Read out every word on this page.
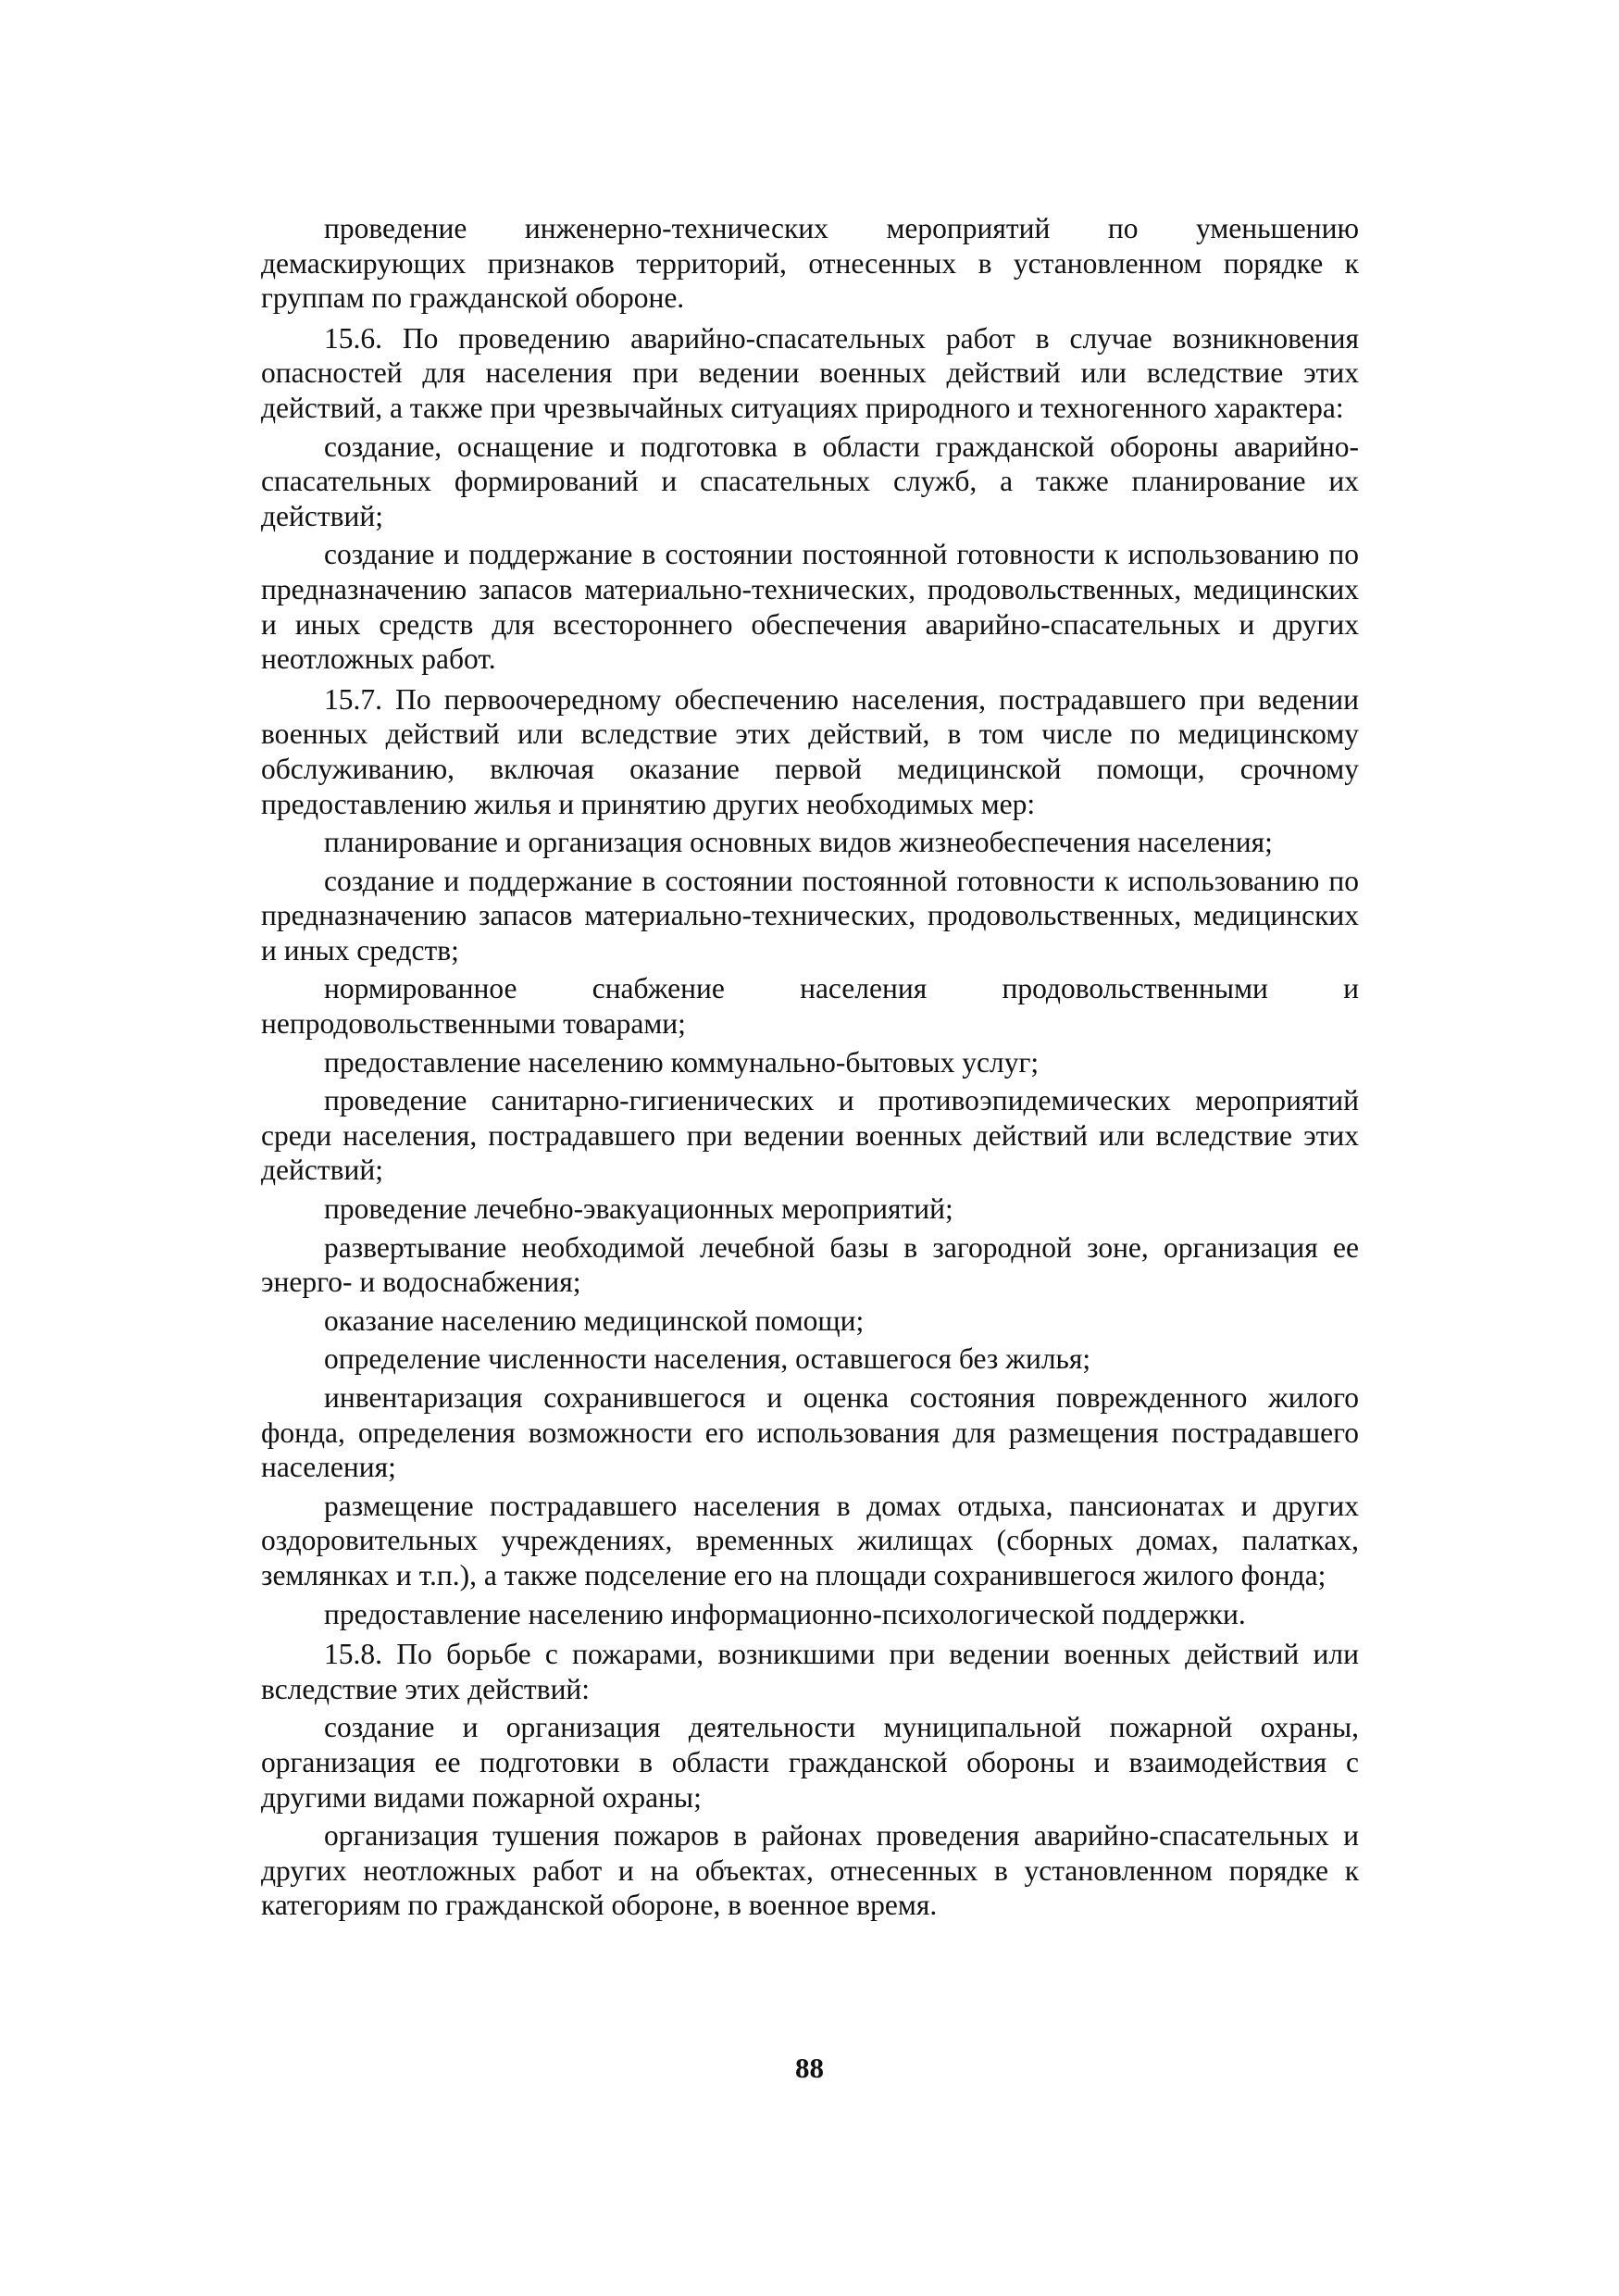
проведение инженерно-технических мероприятий по уменьшению демаскирующих признаков территорий, отнесенных в установленном порядке к группам по гражданской обороне.

15.6. По проведению аварийно-спасательных работ в случае возникновения опасностей для населения при ведении военных действий или вследствие этих действий, а также при чрезвычайных ситуациях природного и техногенного характера:

создание, оснащение и подготовка в области гражданской обороны аварийно-спасательных формирований и спасательных служб, а также планирование их действий;

создание и поддержание в состоянии постоянной готовности к использованию по предназначению запасов материально-технических, продовольственных, медицинских и иных средств для всестороннего обеспечения аварийно-спасательных и других неотложных работ.

15.7. По первоочередному обеспечению населения, пострадавшего при ведении военных действий или вследствие этих действий, в том числе по медицинскому обслуживанию, включая оказание первой медицинской помощи, срочному предоставлению жилья и принятию других необходимых мер:

планирование и организация основных видов жизнеобеспечения населения;

создание и поддержание в состоянии постоянной готовности к использованию по предназначению запасов материально-технических, продовольственных, медицинских и иных средств;

нормированное снабжение населения продовольственными и непродовольственными товарами;

предоставление населению коммунально-бытовых услуг;

проведение санитарно-гигиенических и противоэпидемических мероприятий среди населения, пострадавшего при ведении военных действий или вследствие этих действий;

проведение лечебно-эвакуационных мероприятий;

развертывание необходимой лечебной базы в загородной зоне, организация ее энерго- и водоснабжения;

оказание населению медицинской помощи;

определение численности населения, оставшегося без жилья;

инвентаризация сохранившегося и оценка состояния поврежденного жилого фонда, определения возможности его использования для размещения пострадавшего населения;

размещение пострадавшего населения в домах отдыха, пансионатах и других оздоровительных учреждениях, временных жилищах (сборных домах, палатках, землянках и т.п.), а также подселение его на площади сохранившегося жилого фонда;

предоставление населению информационно-психологической поддержки.

15.8. По борьбе с пожарами, возникшими при ведении военных действий или вследствие этих действий:

создание и организация деятельности муниципальной пожарной охраны, организация ее подготовки в области гражданской обороны и взаимодействия с другими видами пожарной охраны;

организация тушения пожаров в районах проведения аварийно-спасательных и других неотложных работ и на объектах, отнесенных в установленном порядке к категориям по гражданской обороне, в военное время.

88
